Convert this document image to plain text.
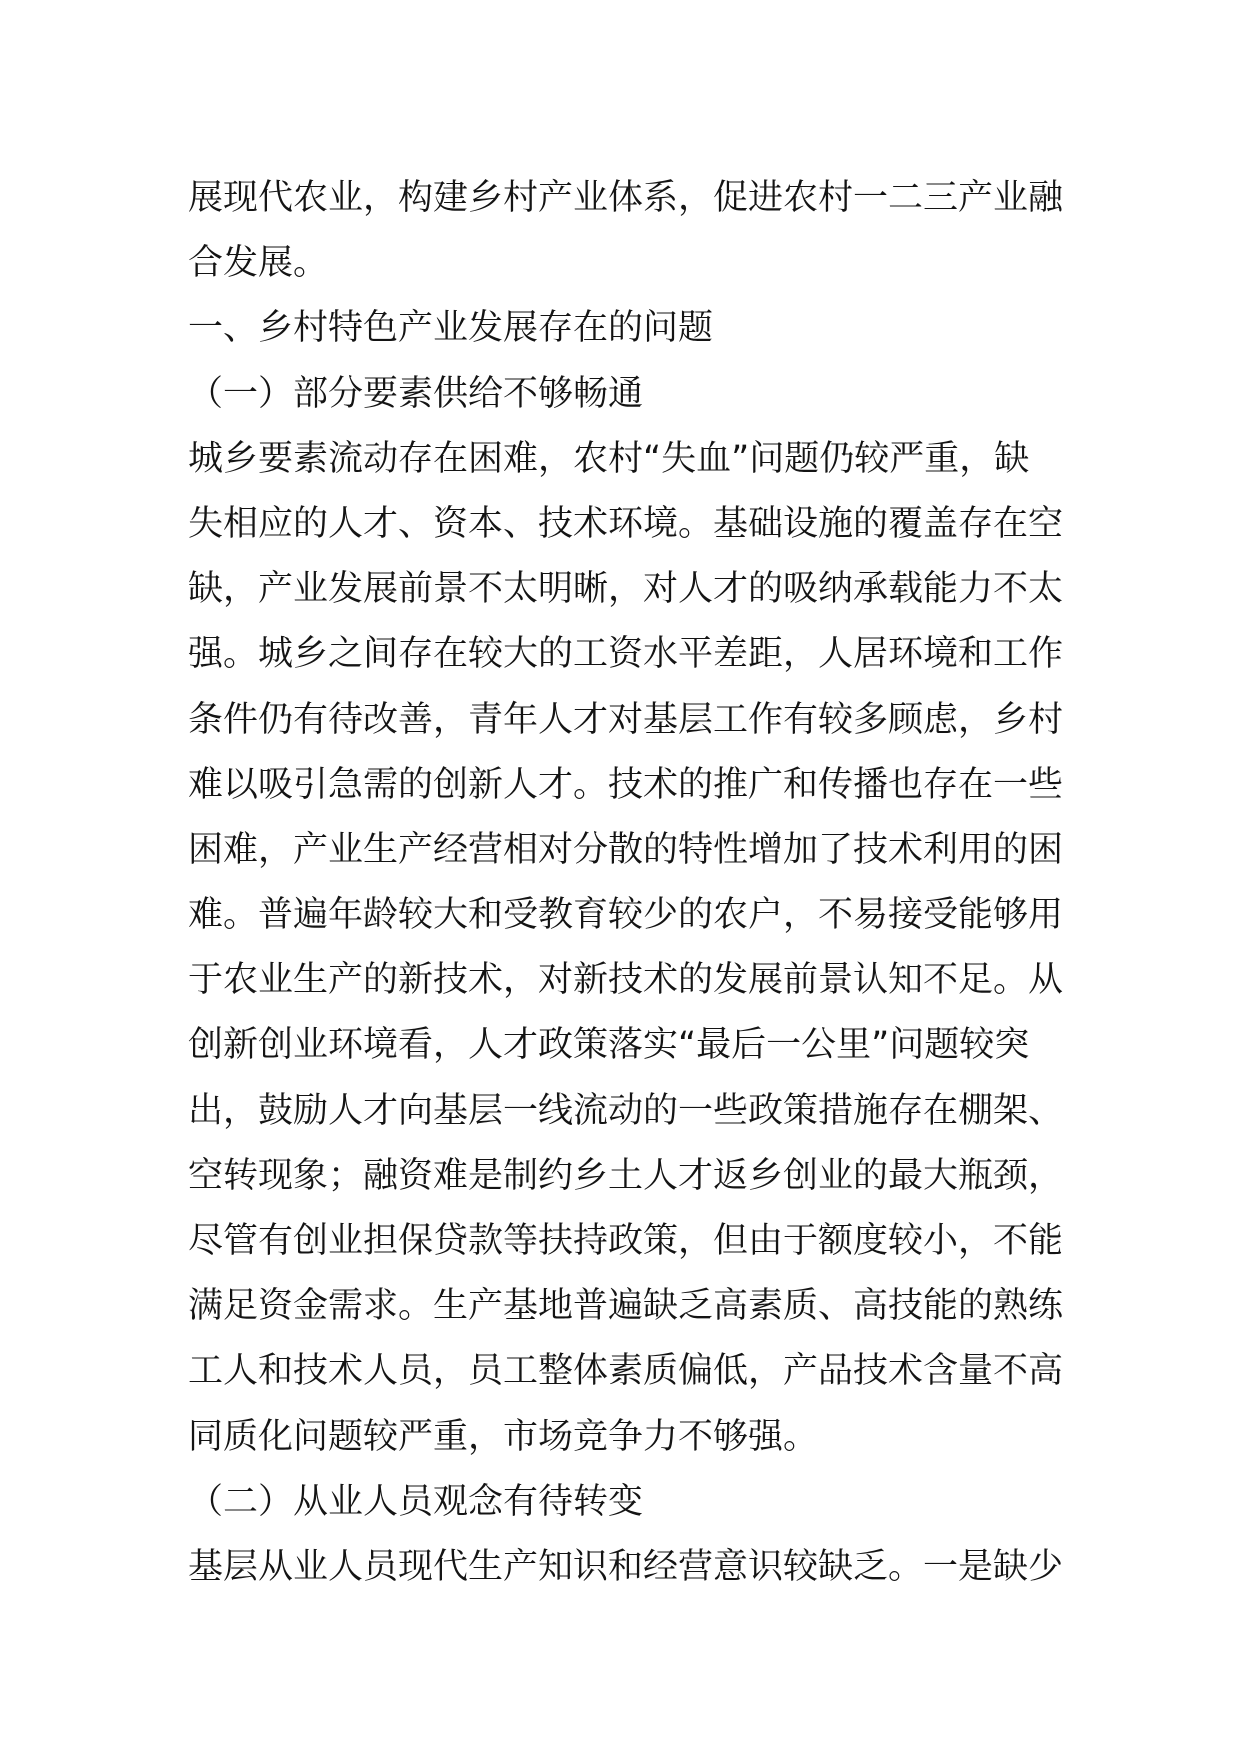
展现代农业，构建乡村产业体系，促进农村一二三产业融
合发展。
一、乡村特色产业发展存在的问题
（一）部分要素供给不够畅通
城乡要素流动存在困难，农村“失血”问题仍较严重，缺
失相应的人才、资本、技术环境。基础设施的覆盖存在空
缺，产业发展前景不太明晰，对人才的吸纳承载能力不太
强。城乡之间存在较大的工资水平差距，人居环境和工作
条件仍有待改善，青年人才对基层工作有较多顾虑，乡村
难以吸引急需的创新人才。技术的推广和传播也存在一些
困难，产业生产经营相对分散的特性增加了技术利用的困
难。普遍年龄较大和受教育较少的农户，不易接受能够用
于农业生产的新技术，对新技术的发展前景认知不足。从
创新创业环境看，人才政策落实“最后一公里”问题较突
出，鼓励人才向基层一线流动的一些政策措施存在棚架、
空转现象；融资难是制约乡土人才返乡创业的最大瓶颈，
尽管有创业担保贷款等扶持政策，但由于额度较小，不能
满足资金需求。生产基地普遍缺乏高素质、高技能的熟练
工人和技术人员，员工整体素质偏低，产品技术含量不高
同质化问题较严重，市场竞争力不够强。
（二）从业人员观念有待转变
基层从业人员现代生产知识和经营意识较缺乏。一是缺少
